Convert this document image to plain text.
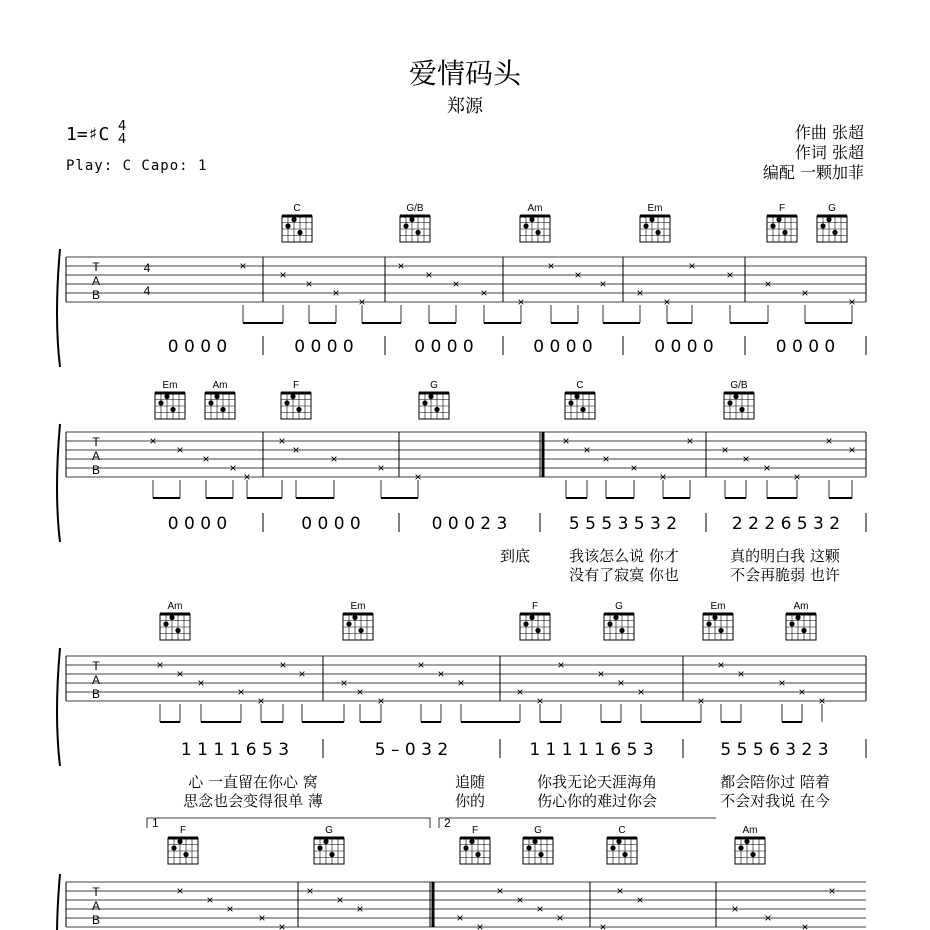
爱情码头
郑源
1=♯C 4
4
Play: C Capo: 1
作曲 张超
作词 张超
编配 一颗加菲
C	G/B	Am	Em	F	G
T
A
B
4
4
×
×
×
×
×
×
×
×
×
×
×
×
×
×
×
×
×
×
×
×
0 0 0 0	0 0 0 0	0 0 0 0	0 0 0 0	0 0 0 0	0 0 0 0
Em	Am	F	G	C	G/B
T
A
B
×
×
×
×
×
×
×
×
×
×
×
×
×
×
×
×
×
×
×
×
×
×
0 0 0 0	0 0 0 0	0 0 0 2 3	5 5 5 3 5 3 2	2 2 2 6 5 3 2
到底	我该怎么说 你才	真的明白我 这颗
没有了寂寞 你也	不会再脆弱 也许
Am	Em	F	G	Em	Am
T
A
B
×
×
×
×
×
×
×
×
×
×
×
×
×
×
×
×
×
×
×
×
×
×
×
×
×
1 1 1 1 6 5 3	5 – 0 3 2	1 1 1 1 1 6 5 3	5 5 5 6 3 2 3
心 一直留在你心 窝	追随	你我无论天涯海角	都会陪你过 陪着
思念也会变得很单 薄	你的	伤心你的难过你会	不会对我说 在今
1	2
F	G	F	G	C	Am
T
A
B
×
×
×
×
×
×
×
×
×
×
×
×
×
×
×
×
×
×
×
×
×
